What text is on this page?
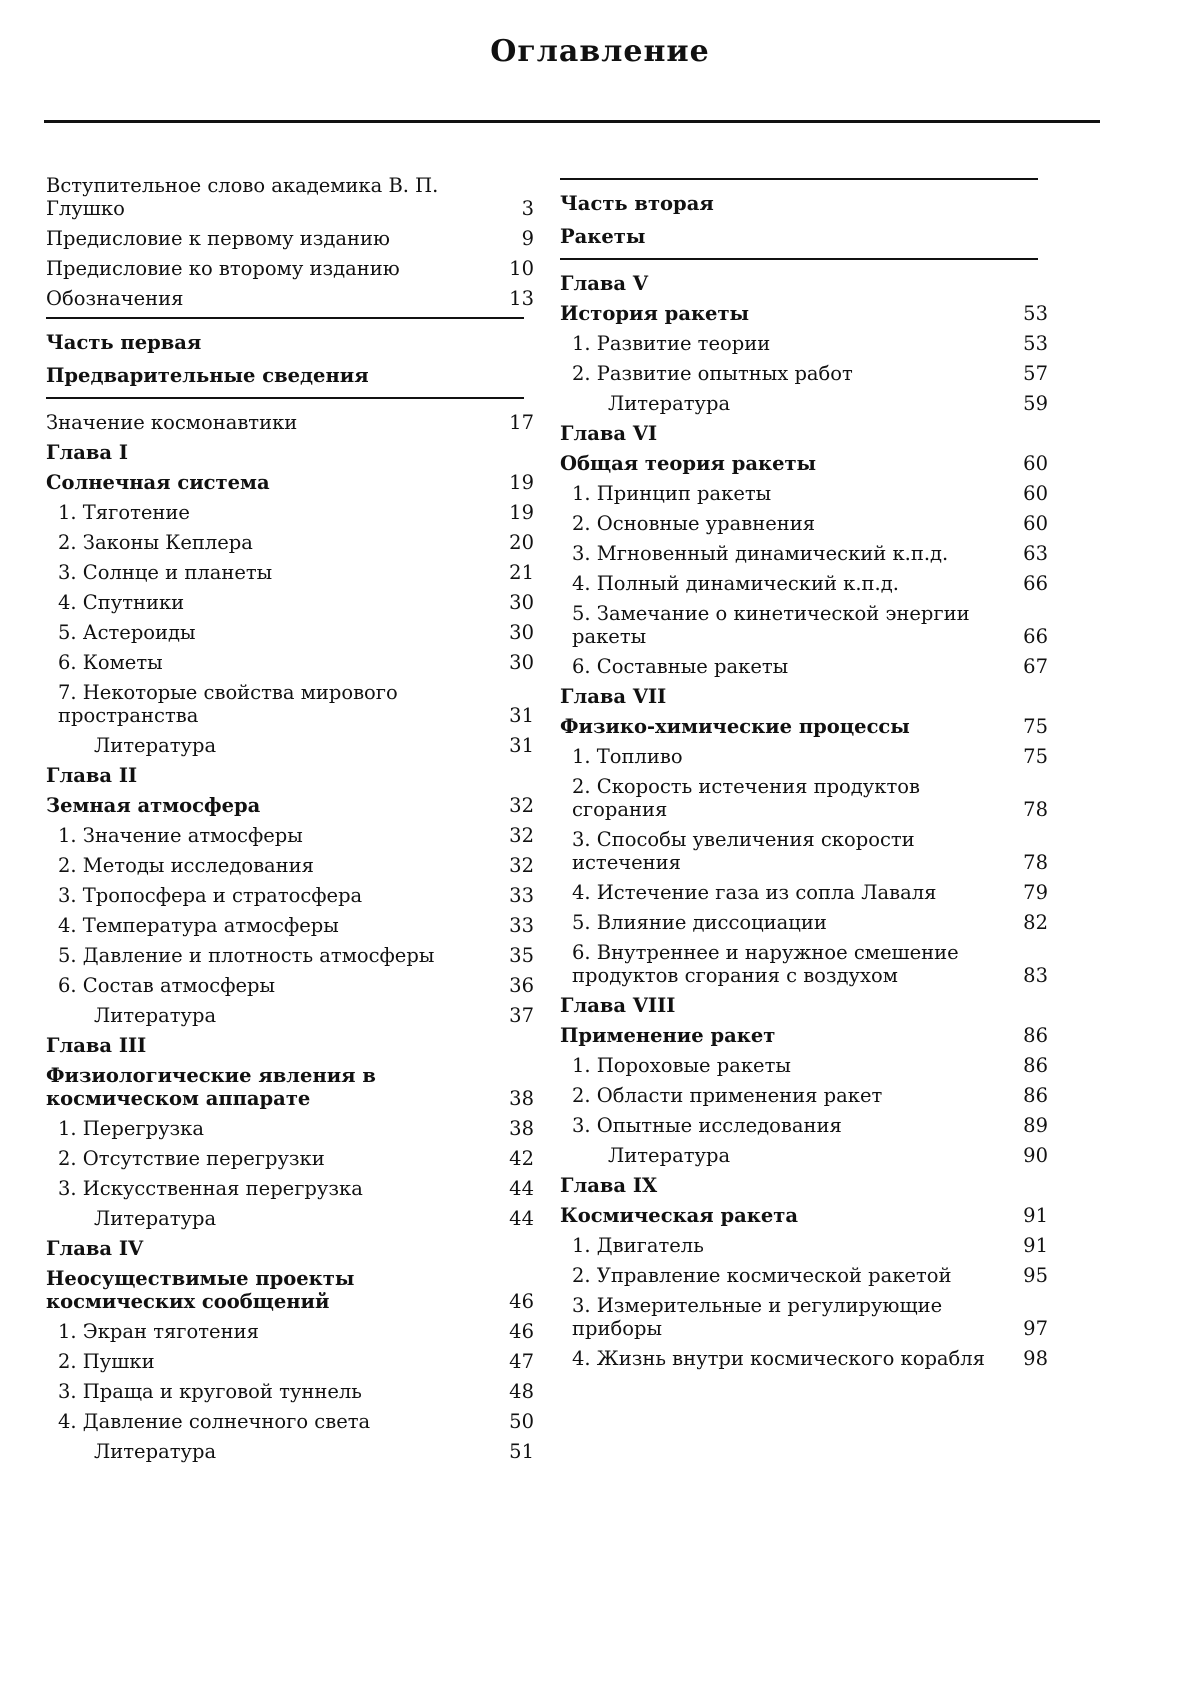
Оглавление
Вступительное слово академика В. П. Глушко	3
Предисловие к первому изданию	9
Предисловие ко второму изданию	10
Обозначения	13
Часть первая
Предварительные сведения
Значение космонавтики	17
Глава I
Солнечная система	19
1. Тяготение	19
2. Законы Кеплера	20
3. Солнце и планеты	21
4. Спутники	30
5. Астероиды	30
6. Кометы	30
7. Некоторые свойства мирового пространства	31
Литература	31
Глава II
Земная атмосфера	32
1. Значение атмосферы	32
2. Методы исследования	32
3. Тропосфера и стратосфера	33
4. Температура атмосферы	33
5. Давление и плотность атмосферы	35
6. Состав атмосферы	36
Литература	37
Глава III
Физиологические явления в космическом аппарате	38
1. Перегрузка	38
2. Отсутствие перегрузки	42
3. Искусственная перегрузка	44
Литература	44
Глава IV
Неосуществимые проекты космических сообщений	46
1. Экран тяготения	46
2. Пушки	47
3. Праща и круговой туннель	48
4. Давление солнечного света	50
Литература	51
Часть вторая
Ракеты
Глава V
История ракеты	53
1. Развитие теории	53
2. Развитие опытных работ	57
Литература	59
Глава VI
Общая теория ракеты	60
1. Принцип ракеты	60
2. Основные уравнения	60
3. Мгновенный динамический к.п.д.	63
4. Полный динамический к.п.д.	66
5. Замечание о кинетической энергии ракеты	66
6. Составные ракеты	67
Глава VII
Физико-химические процессы	75
1. Топливо	75
2. Скорость истечения продуктов сгорания	78
3. Способы увеличения скорости истечения	78
4. Истечение газа из сопла Лаваля	79
5. Влияние диссоциации	82
6. Внутреннее и наружное смешение продуктов сгорания с воздухом	83
Глава VIII
Применение ракет	86
1. Пороховые ракеты	86
2. Области применения ракет	86
3. Опытные исследования	89
Литература	90
Глава IX
Космическая ракета	91
1. Двигатель	91
2. Управление космической ракетой	95
3. Измерительные и регулирующие приборы	97
4. Жизнь внутри космического корабля	98
